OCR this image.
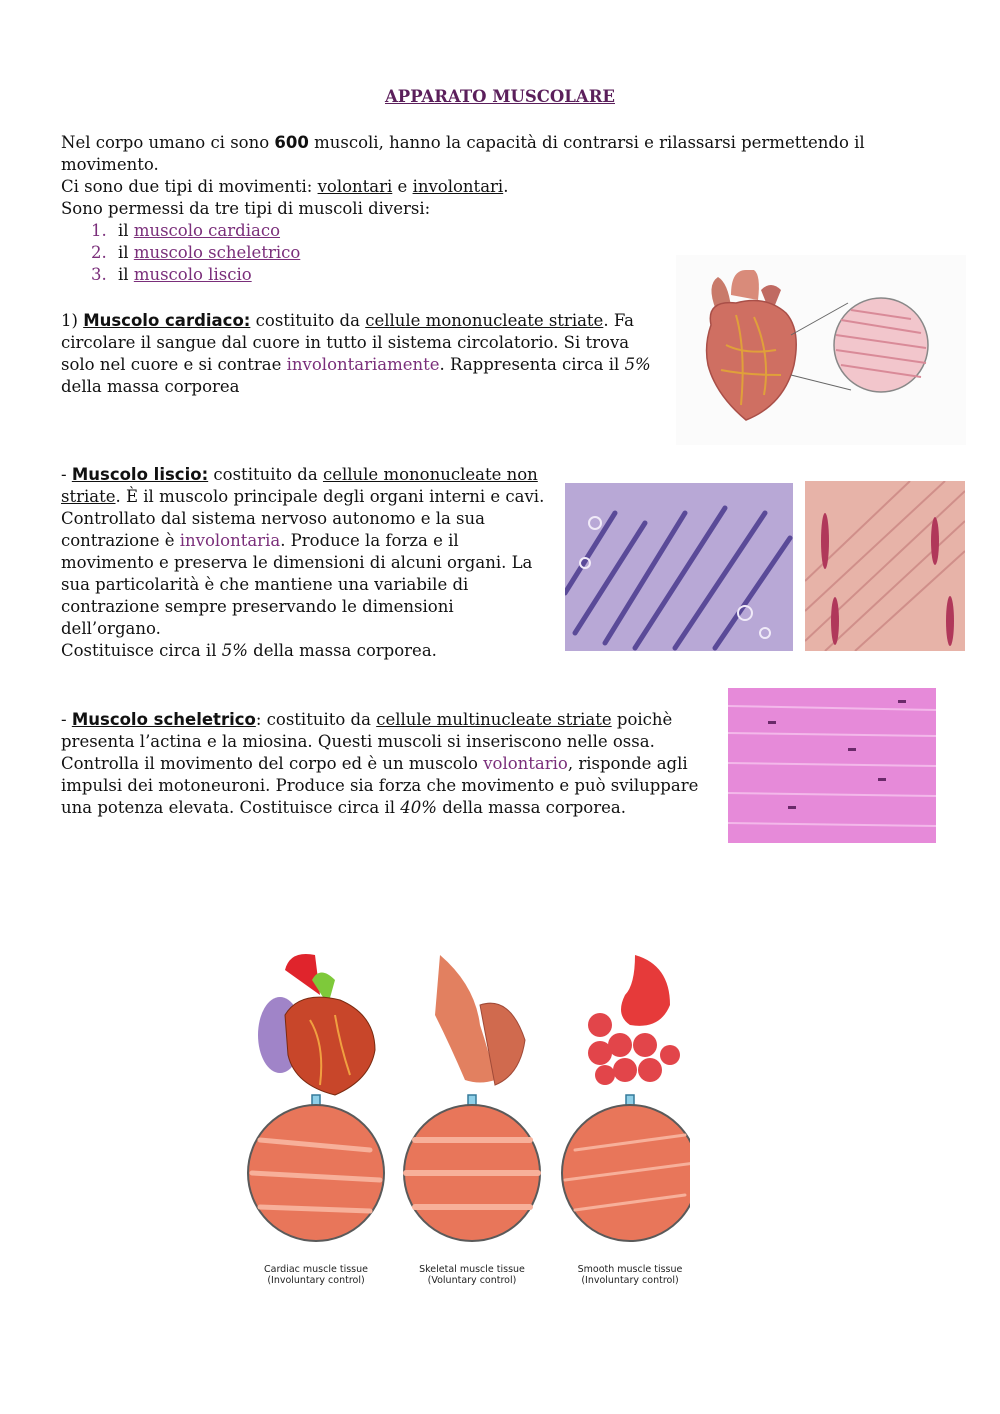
APPARATO MUSCOLARE

Nel corpo umano ci sono 600 muscoli, hanno la capacità di contrarsi e rilassarsi permettendo il movimento.

Ci sono due tipi di movimenti: volontari e involontari.

Sono permessi da tre tipi di muscoli diversi:

1. il muscolo cardiaco
2. il muscolo scheletrico
3. il muscolo liscio

1) Muscolo cardiaco: costituito da cellule mononucleate striate. Fa circolare il sangue dal cuore in tutto il sistema circolatorio. Si trova solo nel cuore e si contrae involontariamente. Rappresenta circa il 5% della massa corporea

- Muscolo liscio: costituito da cellule mononucleate non striate. È il muscolo principale degli organi interni e cavi. Controllato dal sistema nervoso autonomo e la sua contrazione è involontaria. Produce la forza e il movimento e preserva le dimensioni di alcuni organi. La sua particolarità è che mantiene una variabile di contrazione sempre preservando le dimensioni dell’organo.

Costituisce circa il 5% della massa corporea.

- Muscolo scheletrico: costituito da cellule multinucleate striate poichè presenta l’actina e la miosina. Questi muscoli si inseriscono nelle ossa. Controlla il movimento del corpo ed è un muscolo volontario, risponde agli impulsi dei motoneuroni. Produce sia forza che movimento e può sviluppare una potenza elevata. Costituisce circa il 40% della massa corporea.

Cardiac muscle tissue
(Involuntary control)
Skeletal muscle tissue
(Voluntary control)
Smooth muscle tissue
(Involuntary control)
